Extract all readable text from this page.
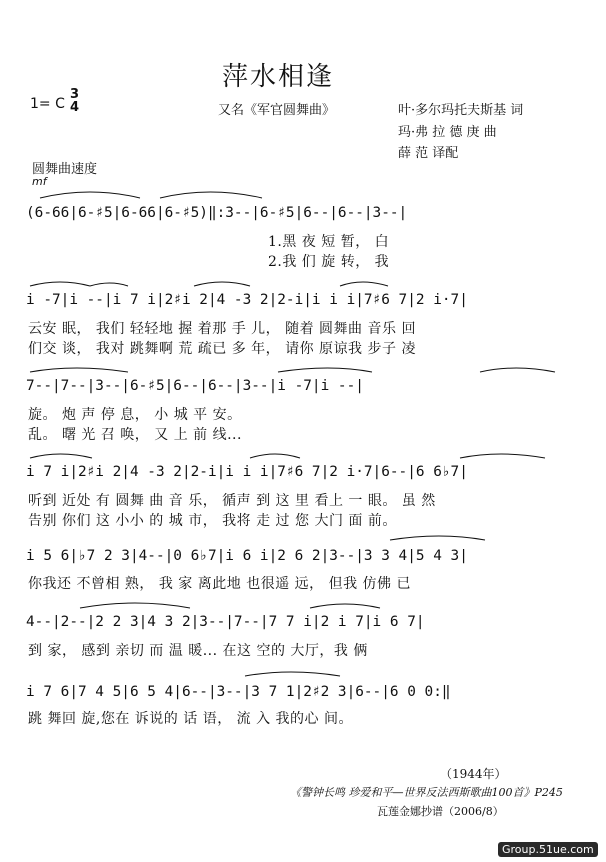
萍水相逢
1= C
3
4	又名《军官圆舞曲》	叶·多尔玛托夫斯基 词
玛·弗 拉 德 庚 曲
薛 范 译配
圆舞曲速度
mf
(6-66|6-♯5|6-66|6-♯5)‖:3--|6-♯5|6--|6--|3--|
1.黑 夜 短 暂， 白
2.我 们 旋 转， 我
i -7|i --|i 7 i|2♯i 2|4 -3 2|2-i|i i i|7♯6 7|2 i·7|
云安 眠， 我们 轻轻地 握 着那 手 儿， 随着 圆舞曲 音乐 回
们交 谈， 我对 跳舞啊 荒 疏已 多 年， 请你 原谅我 步子 凌
7--|7--|3--|6-♯5|6--|6--|3--|i -7|i --|
旋。 炮 声 停 息， 小 城 平 安。
乱。 曙 光 召 唤， 又 上 前 线...
i 7 i|2♯i 2|4 -3 2|2-i|i i i|7♯6 7|2 i·7|6--|6 6♭7|
听到 近处 有 圆舞 曲 音 乐， 循声 到 这 里 看上 一 眼。 虽 然
告别 你们 这 小小 的 城 市， 我将 走 过 您 大门 面 前。
i 5 6|♭7 2 3|4--|0 6♭7|i 6 i|2 6 2|3--|3 3 4|5 4 3|
你我还 不曾相 熟， 我 家 离此地 也很遥 远， 但我 仿佛 已
4--|2--|2 2 3|4 3 2|3--|7--|7 7 i|2 i 7|i 6 7|
到 家， 感到 亲切 而 温 暖... 在这 空的 大厅，我 俩
i 7 6|7 4 5|6 5 4|6--|3--|3 7 1|2♯2 3|6--|6 0 0:‖
跳 舞回 旋,您在 诉说的 话 语， 流 入 我的心 间。
（1944年）
《警钟长鸣 珍爱和平—世界反法西斯歌曲100首》P245
瓦莲金娜抄谱（2006/8）
Group.51ue.com
